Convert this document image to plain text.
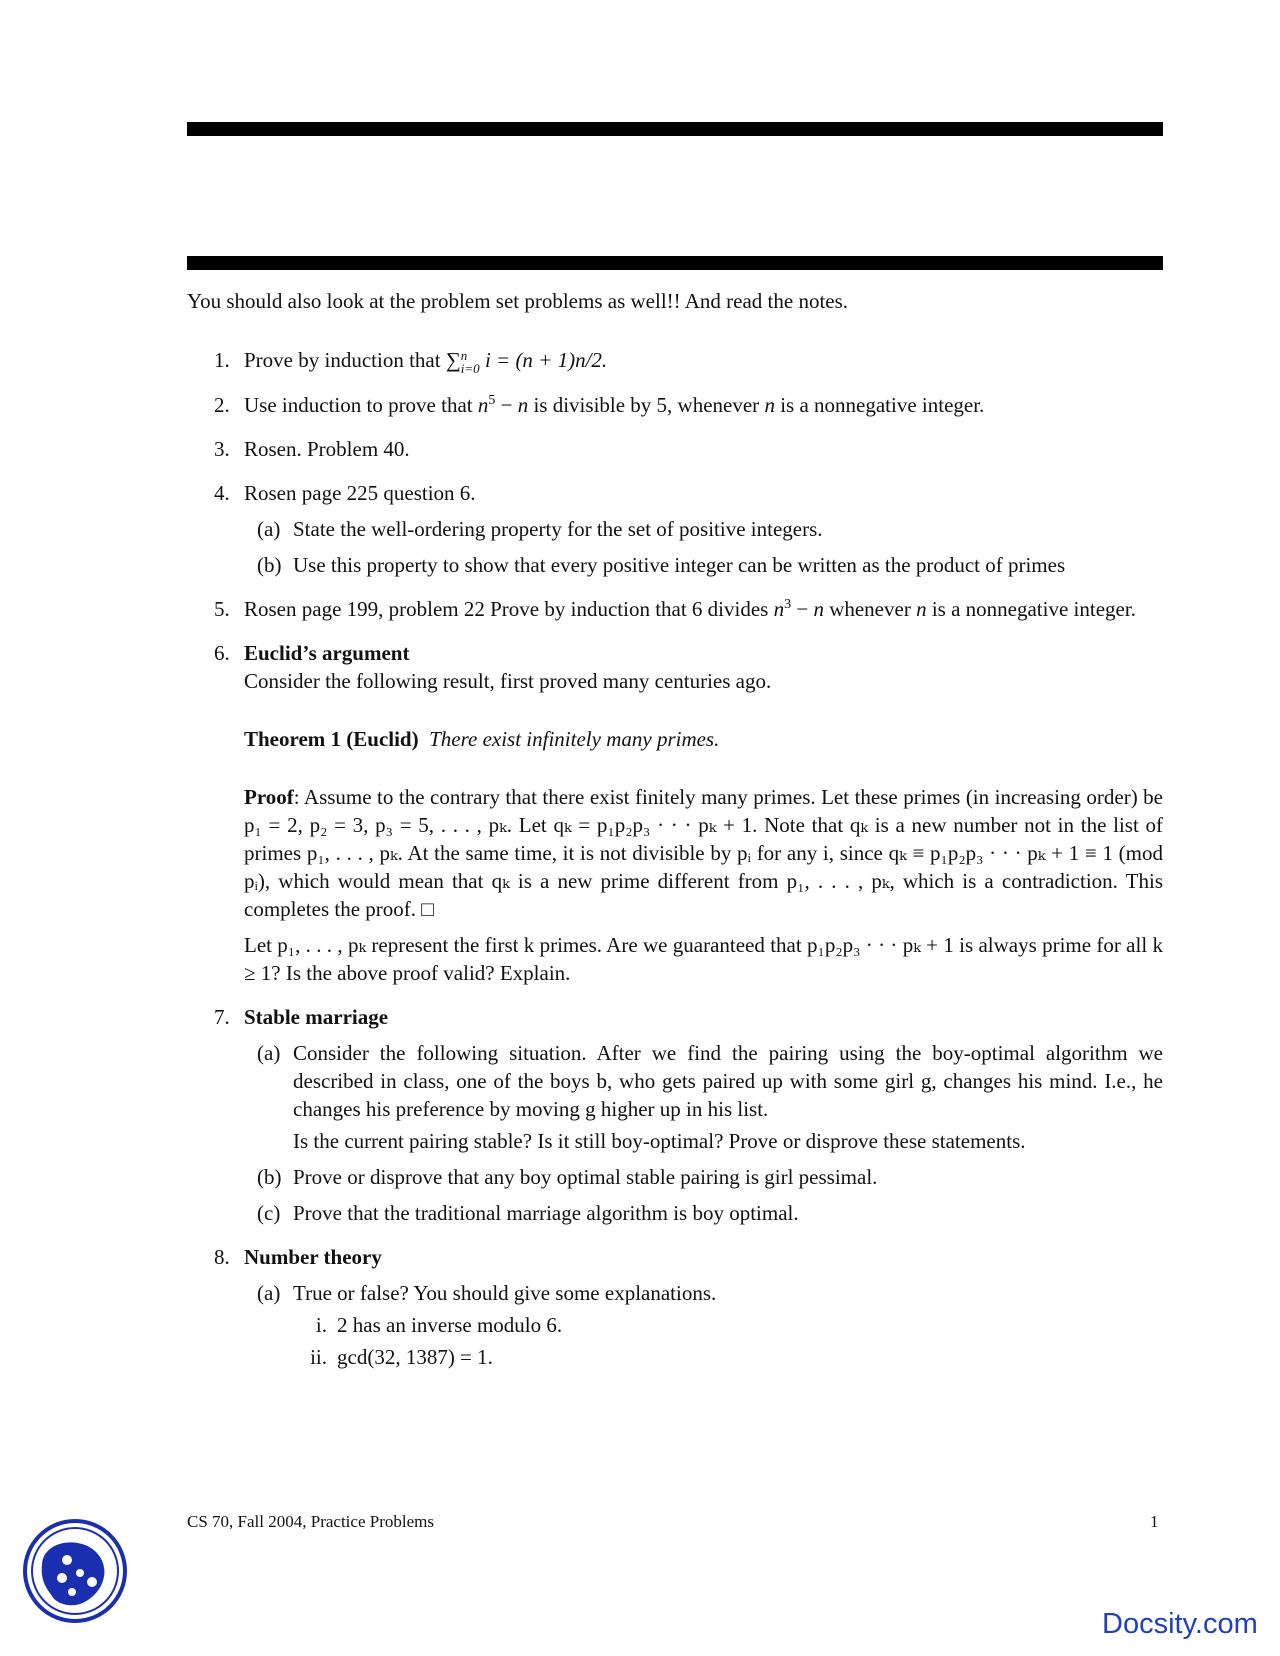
You should also look at the problem set problems as well!! And read the notes.
1. Prove by induction that ∑ n
i=0 i = (n + 1)n/2.
2. Use induction to prove that $n^5 - n$ is divisible by 5, whenever n is a nonnegative integer.
3. Rosen. Problem 40.
4. Rosen page 225 question 6.
(a) State the well-ordering property for the set of positive integers.
(b) Use this property to show that every positive integer can be written as the product of primes
5. Rosen page 199, problem 22 Prove by induction that 6 divides $n^3 - n$ whenever n is a nonnegative integer.
6. Euclid’s argument
Consider the following result, first proved many centuries ago.
Theorem 1 (Euclid) There exist infinitely many primes.
Proof: Assume to the contrary that there exist finitely many primes. Let these primes (in increasing order) be p₁ = 2, p₂ = 3, p₃ = 5, . . . , pₖ. Let qₖ = p₁p₂p₃ · · · pₖ + 1. Note that qₖ is a new number not in the list of primes p₁, . . . , pₖ. At the same time, it is not divisible by pᵢ for any i, since qₖ ≡ p₁p₂p₃ · · · pₖ + 1 ≡ 1 (mod pᵢ), which would mean that qₖ is a new prime different from p₁, . . . , pₖ, which is a contradiction. This completes the proof. □
Let p₁, . . . , pₖ represent the first k primes. Are we guaranteed that p₁p₂p₃ · · · pₖ + 1 is always prime for all k ≥ 1? Is the above proof valid? Explain.
7. Stable marriage
(a) Consider the following situation. After we find the pairing using the boy-optimal algorithm we described in class, one of the boys b, who gets paired up with some girl g, changes his mind. I.e., he changes his preference by moving g higher up in his list.
Is the current pairing stable? Is it still boy-optimal? Prove or disprove these statements.
(b) Prove or disprove that any boy optimal stable pairing is girl pessimal.
(c) Prove that the traditional marriage algorithm is boy optimal.
8. Number theory
(a) True or false? You should give some explanations.
i. 2 has an inverse modulo 6.
ii. gcd(32, 1387) = 1.
CS 70, Fall 2004, Practice Problems	1
Docsity.com
